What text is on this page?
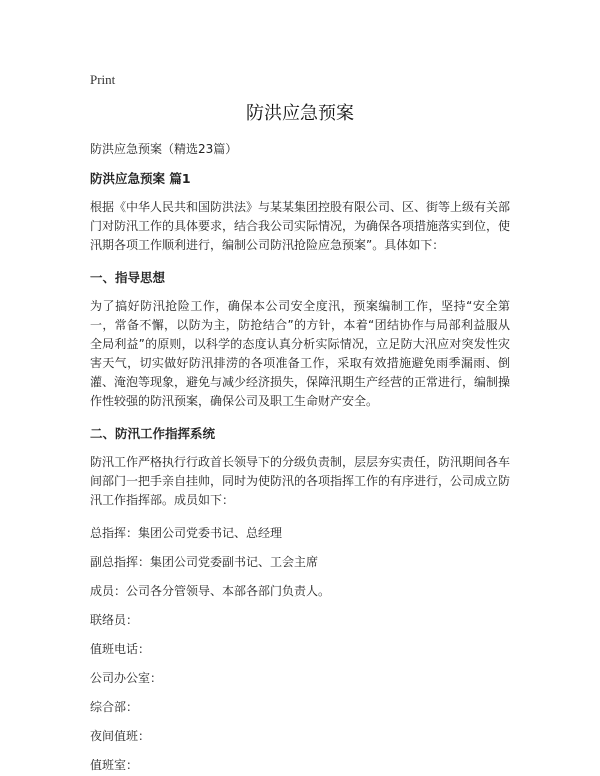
Print
防洪应急预案
防洪应急预案（精选23篇）
防洪应急预案 篇1

根据《中华人民共和国防洪法》与某某集团控股有限公司、区、街等上级有关部门对防汛工作的具体要求，结合我公司实际情况，为确保各项措施落实到位，使汛期各项工作顺利进行，编制公司防汛抢险应急预案”。具体如下：

一、指导思想

为了搞好防汛抢险工作，确保本公司安全度汛，预案编制工作，坚持“安全第一，常备不懈，以防为主，防抢结合”的方针，本着“团结协作与局部利益服从全局利益”的原则，以科学的态度认真分析实际情况，立足防大汛应对突发性灾害天气，切实做好防汛排涝的各项准备工作，采取有效措施避免雨季漏雨、倒灌、淹泡等现象，避免与减少经济损失，保障汛期生产经营的正常进行，编制操作性较强的防汛预案，确保公司及职工生命财产安全。

二、防汛工作指挥系统

防汛工作严格执行行政首长领导下的分级负责制，层层夯实责任，防汛期间各车间部门一把手亲自挂帅，同时为使防汛的各项指挥工作的有序进行，公司成立防汛工作指挥部。成员如下：

总指挥：集团公司党委书记、总经理
副总指挥：集团公司党委副书记、工会主席
成员：公司各分管领导、本部各部门负责人。
联络员：
值班电话：
公司办公室：
综合部：
夜间值班：
值班室：
